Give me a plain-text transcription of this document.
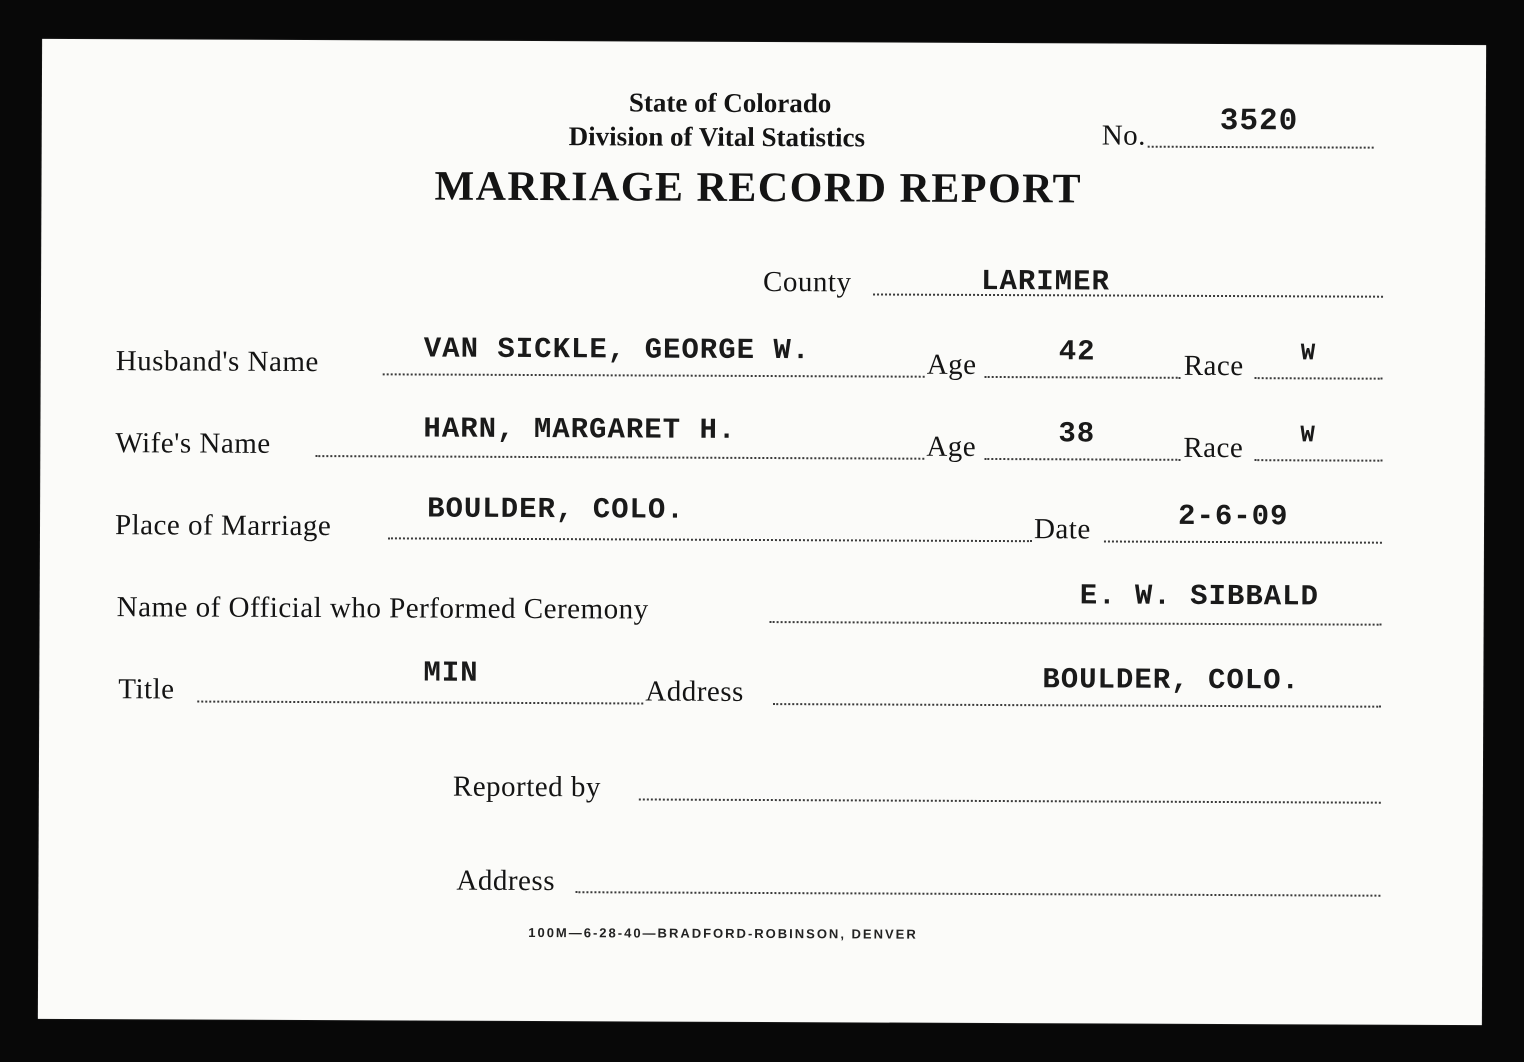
State of Colorado
Division of Vital Statistics
MARRIAGE RECORD REPORT
No. 3520
County	LARIMER
Husband's Name	VAN SICKLE, GEORGE W.	Age	42	Race W
Wife's Name	HARN, MARGARET H.	Age	38	Race W
Place of Marriage	BOULDER, COLO.
Date	2-6-09
Name of Official who Performed Ceremony	E. W. SIBBALD
Title	MIN
Address	BOULDER, COLO.
Reported by
Address
100M—6-28-40—BRADFORD-ROBINSON, DENVER
